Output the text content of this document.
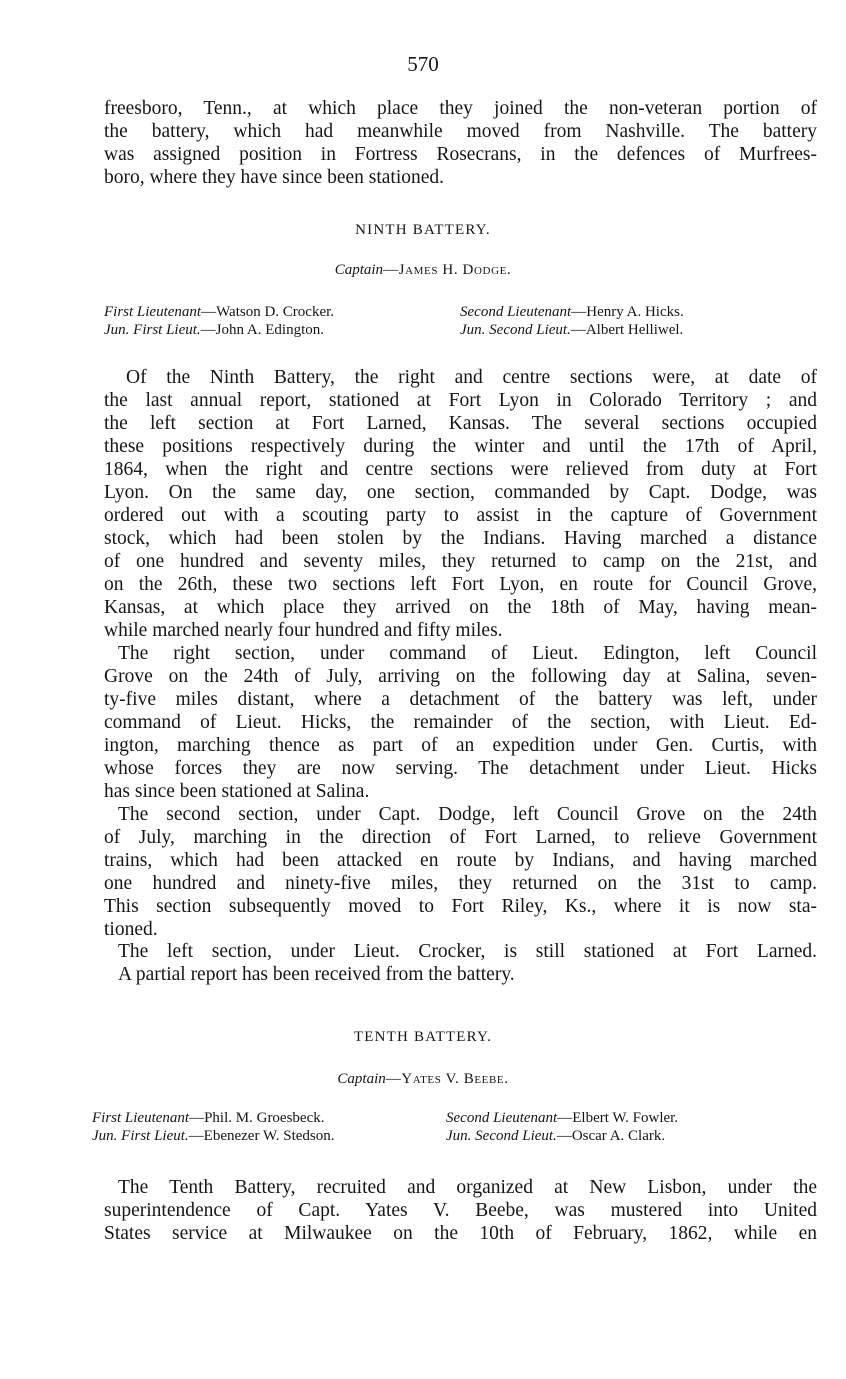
570

freesboro, Tenn., at which place they joined the non-veteran portion of
the battery, which had meanwhile moved from Nashville. The battery
was assigned position in Fortress Rosecrans, in the defences of Murfrees-
boro, where they have since been stationed.

NINTH BATTERY.
Captain—James H. Dodge.
First Lieutenant—Watson D. Crocker.	Second Lieutenant—Henry A. Hicks.
Jun. First Lieut.—John A. Edington.	Jun. Second Lieut.—Albert Helliwel.

Of the Ninth Battery, the right and centre sections were, at date of
the last annual report, stationed at Fort Lyon in Colorado Territory ; and
the left section at Fort Larned, Kansas. The several sections occupied
these positions respectively during the winter and until the 17th of April,
1864, when the right and centre sections were relieved from duty at Fort
Lyon. On the same day, one section, commanded by Capt. Dodge, was
ordered out with a scouting party to assist in the capture of Government
stock, which had been stolen by the Indians. Having marched a distance
of one hundred and seventy miles, they returned to camp on the 21st, and
on the 26th, these two sections left Fort Lyon, en route for Council Grove,
Kansas, at which place they arrived on the 18th of May, having mean-
while marched nearly four hundred and fifty miles.

The right section, under command of Lieut. Edington, left Council
Grove on the 24th of July, arriving on the following day at Salina, seven-
ty-five miles distant, where a detachment of the battery was left, under
command of Lieut. Hicks, the remainder of the section, with Lieut. Ed-
ington, marching thence as part of an expedition under Gen. Curtis, with
whose forces they are now serving. The detachment under Lieut. Hicks
has since been stationed at Salina.

The second section, under Capt. Dodge, left Council Grove on the 24th
of July, marching in the direction of Fort Larned, to relieve Government
trains, which had been attacked en route by Indians, and having marched
one hundred and ninety-five miles, they returned on the 31st to camp.
This section subsequently moved to Fort Riley, Ks., where it is now sta-
tioned.

The left section, under Lieut. Crocker, is still stationed at Fort Larned.
A partial report has been received from the battery.

TENTH BATTERY.
Captain—Yates V. Beebe.
First Lieutenant—Phil. M. Groesbeck.	Second Lieutenant—Elbert W. Fowler.
Jun. First Lieut.—Ebenezer W. Stedson.	Jun. Second Lieut.—Oscar A. Clark.

The Tenth Battery, recruited and organized at New Lisbon, under the
superintendence of Capt. Yates V. Beebe, was mustered into United
States service at Milwaukee on the 10th of February, 1862, while en
